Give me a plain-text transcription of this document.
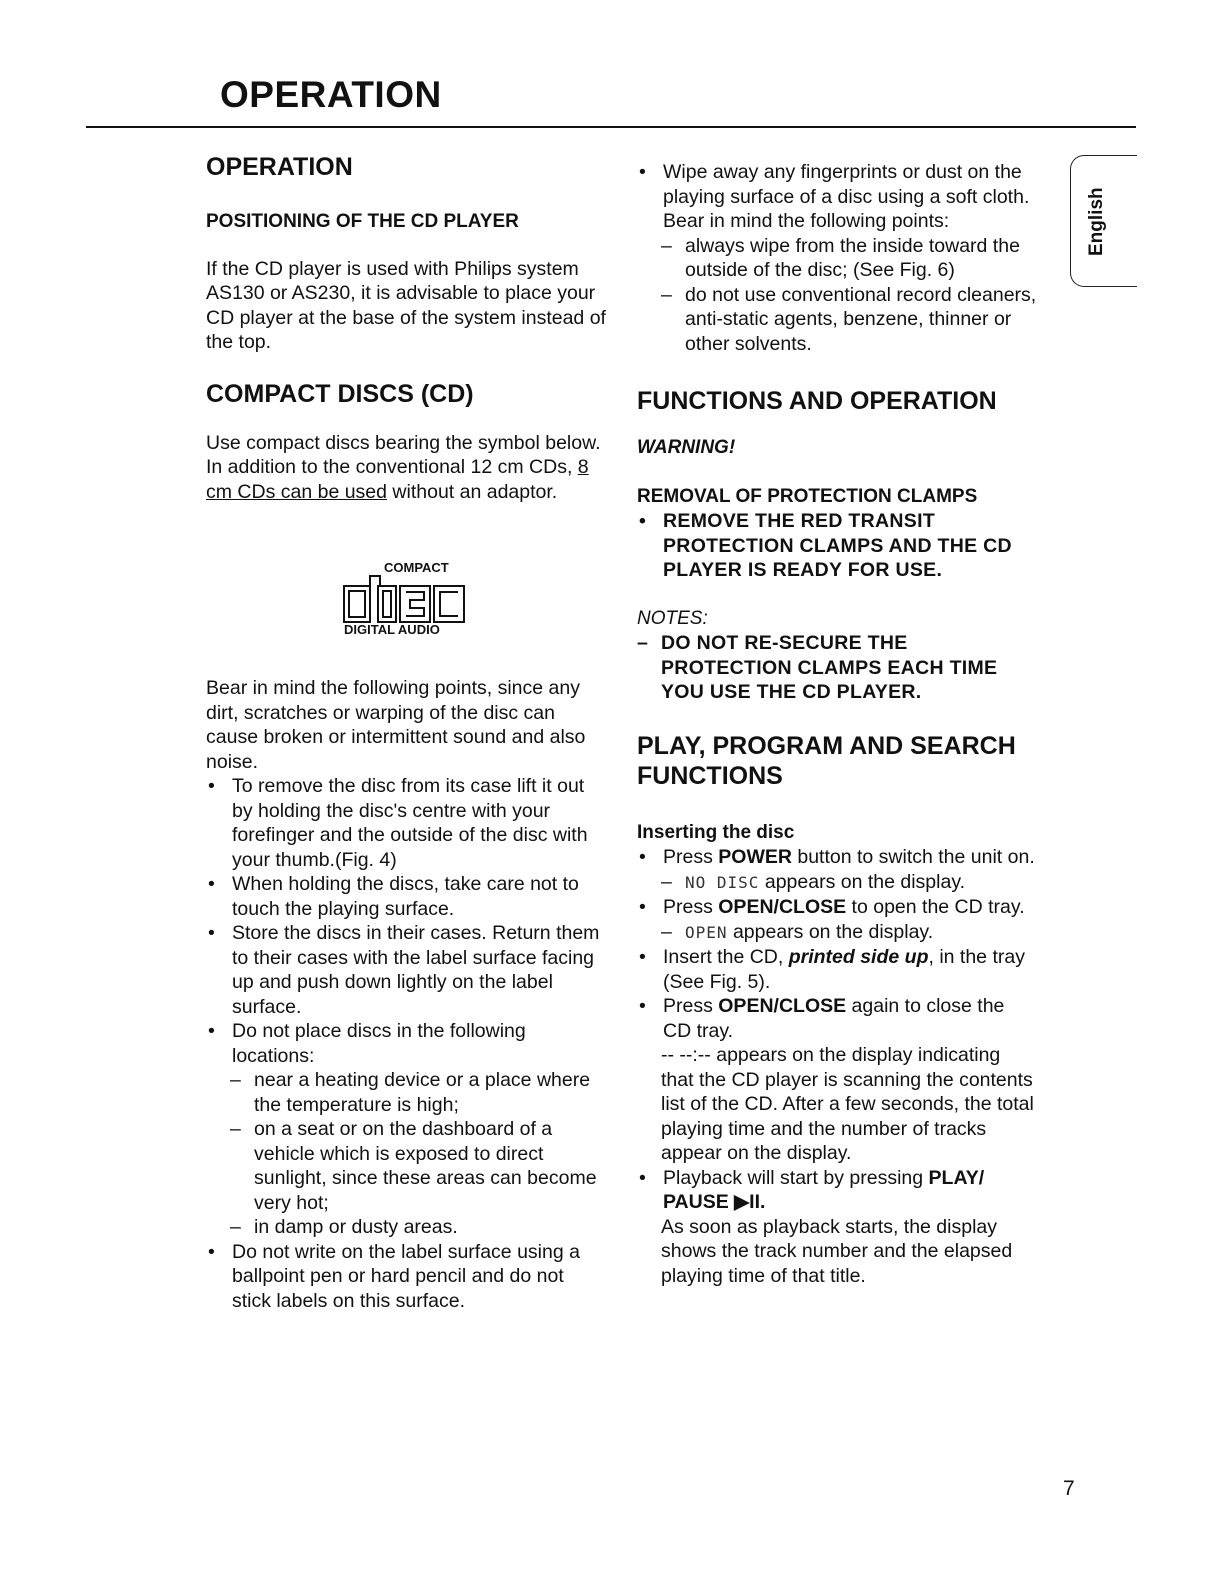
OPERATION
English
OPERATION
POSITIONING OF THE CD PLAYER

If the CD player is used with Philips system AS130 or AS230, it is advisable to place your CD player at the base of the system instead of the top.

COMPACT DISCS (CD)

Use compact discs bearing the symbol below. In addition to the conventional 12 cm CDs, 8 cm CDs can be used without an adaptor.

Bear in mind the following points, since any dirt, scratches or warping of the disc can cause broken or intermittent sound and also noise.

• To remove the disc from its case lift it out by holding the disc's centre with your forefinger and the outside of the disc with your thumb.(Fig. 4)
• When holding the discs, take care not to touch the playing surface.
• Store the discs in their cases. Return them to their cases with the label surface facing up and push down lightly on the label surface.
• Do not place discs in the following locations:
– near a heating device or a place where the temperature is high;
– on a seat or on the dashboard of a vehicle which is exposed to direct sunlight, since these areas can become very hot;
– in damp or dusty areas.
• Do not write on the label surface using a ballpoint pen or hard pencil and do not stick labels on this surface.
COMPACT
DIGITAL AUDIO
• Wipe away any fingerprints or dust on the playing surface of a disc using a soft cloth. Bear in mind the following points:
– always wipe from the inside toward the outside of the disc; (See Fig. 6)
– do not use conventional record cleaners, anti-static agents, benzene, thinner or other solvents.
FUNCTIONS AND OPERATION
WARNING!
REMOVAL OF PROTECTION CLAMPS
• REMOVE THE RED TRANSIT PROTECTION CLAMPS AND THE CD PLAYER IS READY FOR USE.
NOTES:
– DO NOT RE-SECURE THE PROTECTION CLAMPS EACH TIME YOU USE THE CD PLAYER.
PLAY, PROGRAM AND SEARCH FUNCTIONS
Inserting the disc
• Press POWER button to switch the unit on.
– NO DISC appears on the display.
• Press OPEN/CLOSE to open the CD tray.
– OPEN appears on the display.
• Insert the CD, printed side up, in the tray (See Fig. 5).
• Press OPEN/CLOSE again to close the CD tray.
-- --:-- appears on the display indicating that the CD player is scanning the contents list of the CD. After a few seconds, the total playing time and the number of tracks appear on the display.
• Playback will start by pressing PLAY/ PAUSE ▶II.

As soon as playback starts, the display shows the track number and the elapsed playing time of that title.

7
